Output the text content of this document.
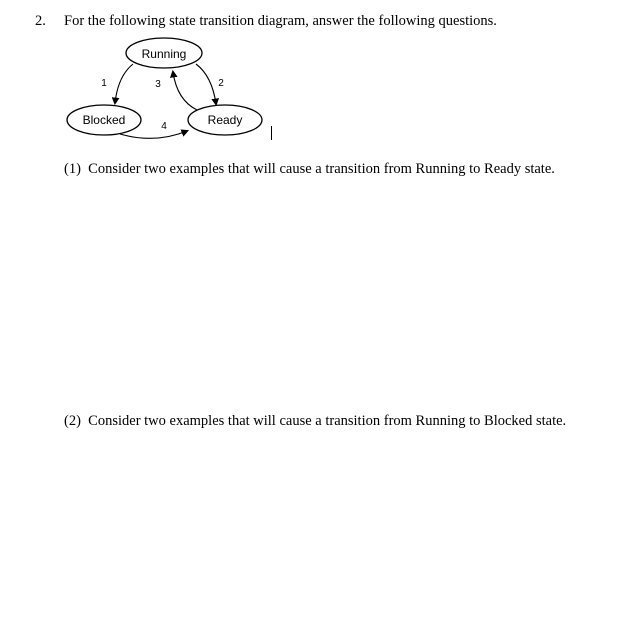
2. For the following state transition diagram, answer the following questions.
Running
Blocked	Ready
1	2
3
4
(1) Consider two examples that will cause a transition from Running to Ready state.
(2) Consider two examples that will cause a transition from Running to Blocked state.
